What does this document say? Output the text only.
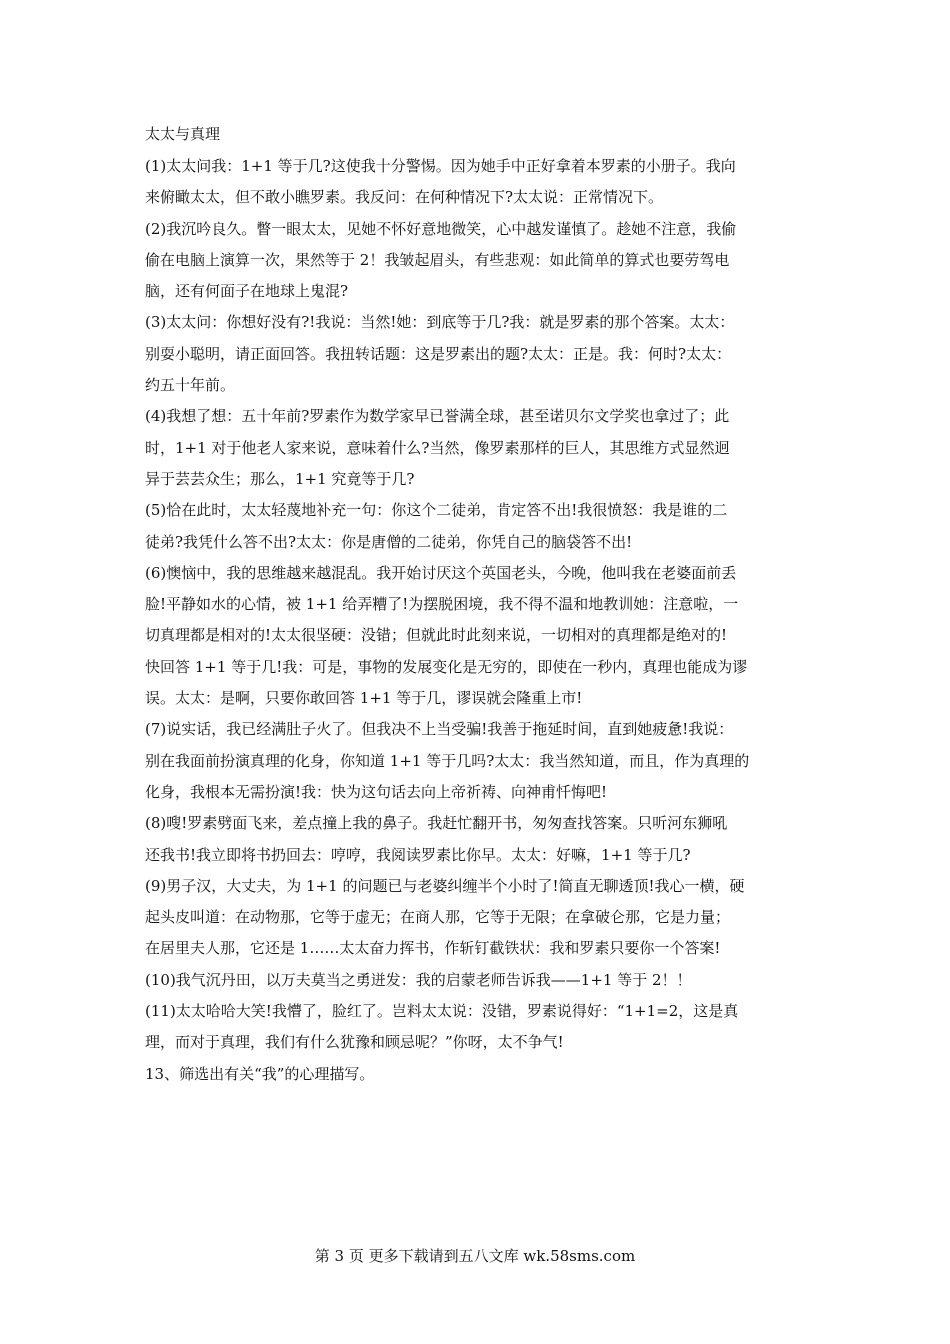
太太与真理

(1)太太问我：1+1 等于几?这使我十分警惕。因为她手中正好拿着本罗素的小册子。我向
来俯瞰太太，但不敢小瞧罗素。我反问：在何种情况下?太太说：正常情况下。

(2)我沉吟良久。瞥一眼太太，见她不怀好意地微笑，心中越发谨慎了。趁她不注意，我偷
偷在电脑上演算一次，果然等于 2！我皱起眉头，有些悲观：如此简单的算式也要劳驾电
脑，还有何面子在地球上鬼混?

(3)太太问：你想好没有?!我说：当然!她：到底等于几?我：就是罗素的那个答案。太太：
别耍小聪明，请正面回答。我扭转话题：这是罗素出的题?太太：正是。我：何时?太太：
约五十年前。

(4)我想了想：五十年前?罗素作为数学家早已誉满全球，甚至诺贝尔文学奖也拿过了；此
时，1+1 对于他老人家来说，意味着什么?当然，像罗素那样的巨人，其思维方式显然迥
异于芸芸众生；那么，1+1 究竟等于几?

(5)恰在此时，太太轻蔑地补充一句：你这个二徒弟，肯定答不出!我很愤怒：我是谁的二
徒弟?我凭什么答不出?太太：你是唐僧的二徒弟，你凭自己的脑袋答不出!

(6)懊恼中，我的思维越来越混乱。我开始讨厌这个英国老头，今晚，他叫我在老婆面前丢
脸!平静如水的心情，被 1+1 给弄糟了!为摆脱困境，我不得不温和地教训她：注意啦，一
切真理都是相对的!太太很坚硬：没错；但就此时此刻来说，一切相对的真理都是绝对的!
快回答 1+1 等于几!我：可是，事物的发展变化是无穷的，即使在一秒内，真理也能成为谬
误。太太：是啊，只要你敢回答 1+1 等于几，谬误就会隆重上市!

(7)说实话，我已经满肚子火了。但我决不上当受骗!我善于拖延时间，直到她疲惫!我说：
别在我面前扮演真理的化身，你知道 1+1 等于几吗?太太：我当然知道，而且，作为真理的
化身，我根本无需扮演!我：快为这句话去向上帝祈祷、向神甫忏悔吧!

(8)嗖!罗素劈面飞来，差点撞上我的鼻子。我赶忙翻开书，匆匆查找答案。只听河东狮吼
还我书!我立即将书扔回去：哼哼，我阅读罗素比你早。太太：好嘛，1+1 等于几?

(9)男子汉，大丈夫，为 1+1 的问题已与老婆纠缠半个小时了!简直无聊透顶!我心一横，硬
起头皮叫道：在动物那，它等于虚无；在商人那，它等于无限；在拿破仑那，它是力量；
在居里夫人那，它还是 1……太太奋力挥书，作斩钉截铁状：我和罗素只要你一个答案!

(10)我气沉丹田，以万夫莫当之勇迸发：我的启蒙老师告诉我——1+1 等于 2！！

(11)太太哈哈大笑!我懵了，脸红了。岂料太太说：没错，罗素说得好：“1+1=2，这是真
理，而对于真理，我们有什么犹豫和顾忌呢？”你呀，太不争气!

13、筛选出有关“我”的心理描写。

第 3 页 更多下载请到五八文库 wk.58sms.com
